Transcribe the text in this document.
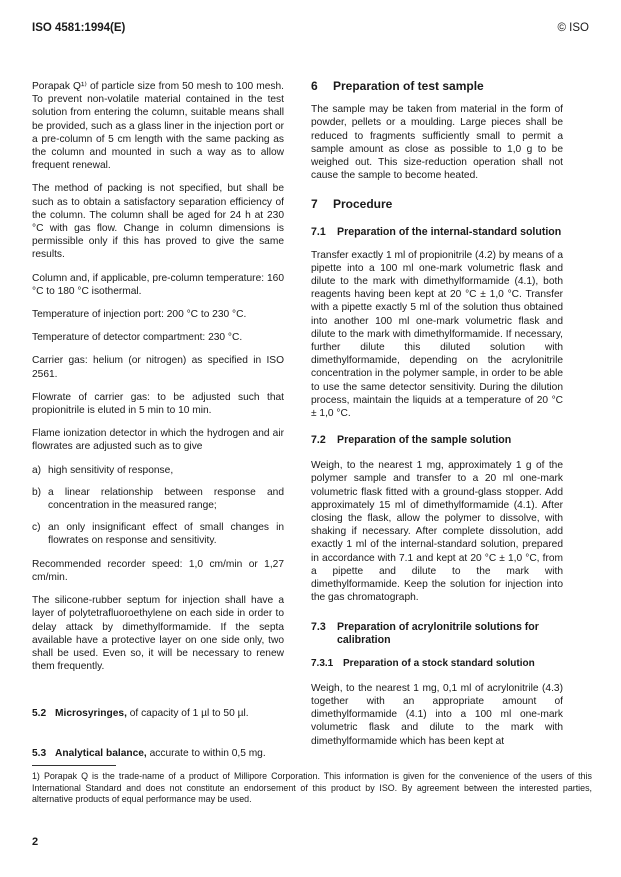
ISO 4581:1994(E)	© ISO

Porapak Q¹⁾ of particle size from 50 mesh to 100 mesh. To prevent non-volatile material contained in the test solution from entering the column, suitable means shall be provided, such as a glass liner in the injection port or a pre-column of 5 cm length with the same packing as the column and mounted in such a way as to allow frequent renewal.

The method of packing is not specified, but shall be such as to obtain a satisfactory separation efficiency of the column. The column shall be aged for 24 h at 230 °C with gas flow. Change in column dimensions is permissible only if this has proved to give the same results.

Column and, if applicable, pre-column temperature: 160 °C to 180 °C isothermal.

Temperature of injection port: 200 °C to 230 °C.

Temperature of detector compartment: 230 °C.

Carrier gas: helium (or nitrogen) as specified in ISO 2561.

Flowrate of carrier gas: to be adjusted such that propionitrile is eluted in 5 min to 10 min.

Flame ionization detector in which the hydrogen and air flowrates are adjusted such as to give

a) high sensitivity of response,
b) a linear relationship between response and concentration in the measured range;
c) an only insignificant effect of small changes in flowrates on response and sensitivity.

Recommended recorder speed: 1,0 cm/min or 1,27 cm/min.

The silicone-rubber septum for injection shall have a layer of polytetrafluoroethylene on each side in order to delay attack by dimethylformamide. If the septa available have a protective layer on one side only, two shall be used. Even so, it will be necessary to renew them frequently.

5.2 Microsyringes, of capacity of 1 µl to 50 µl.

5.3 Analytical balance, accurate to within 0,5 mg.

6 Preparation of test sample

The sample may be taken from material in the form of powder, pellets or a moulding. Large pieces shall be reduced to fragments sufficiently small to permit a sample amount as close as possible to 1,0 g to be weighed out. This size-reduction operation shall not cause the sample to become heated.

7 Procedure
7.1	Preparation of the internal-standard solution

Transfer exactly 1 ml of propionitrile (4.2) by means of a pipette into a 100 ml one-mark volumetric flask and dilute to the mark with dimethylformamide (4.1), both reagents having been kept at 20 °C ± 1,0 °C. Transfer with a pipette exactly 5 ml of the solution thus obtained into another 100 ml one-mark volumetric flask and dilute to the mark with dimethylformamide. If necessary, further dilute this diluted solution with dimethylformamide, depending on the acrylonitrile concentration in the polymer sample, in order to be able to use the same detector sensitivity. During the dilution process, maintain the liquids at a temperature of 20 °C ± 1,0 °C.

7.2 Preparation of the sample solution

Weigh, to the nearest 1 mg, approximately 1 g of the polymer sample and transfer to a 20 ml one-mark volumetric flask fitted with a ground-glass stopper. Add approximately 15 ml of dimethylformamide (4.1). After closing the flask, allow the polymer to dissolve, with shaking if necessary. After complete dissolution, add exactly 1 ml of the internal-standard solution, prepared in accordance with 7.1 and kept at 20 °C ± 1,0 °C, from a pipette and dilute to the mark with dimethylformamide. Keep the solution for injection into the gas chromatograph.

7.3	Preparation of acrylonitrile solutions for calibration
7.3.1 Preparation of a stock standard solution

Weigh, to the nearest 1 mg, 0,1 ml of acrylonitrile (4.3) together with an appropriate amount of dimethylformamide (4.1) into a 100 ml one-mark volumetric flask and dilute to the mark with dimethylformamide which has been kept at

1) Porapak Q is the trade-name of a product of Millipore Corporation. This information is given for the convenience of the users of this International Standard and does not constitute an endorsement of this product by ISO. By agreement between the interested parties, alternative products of equal performance may be used.
2
